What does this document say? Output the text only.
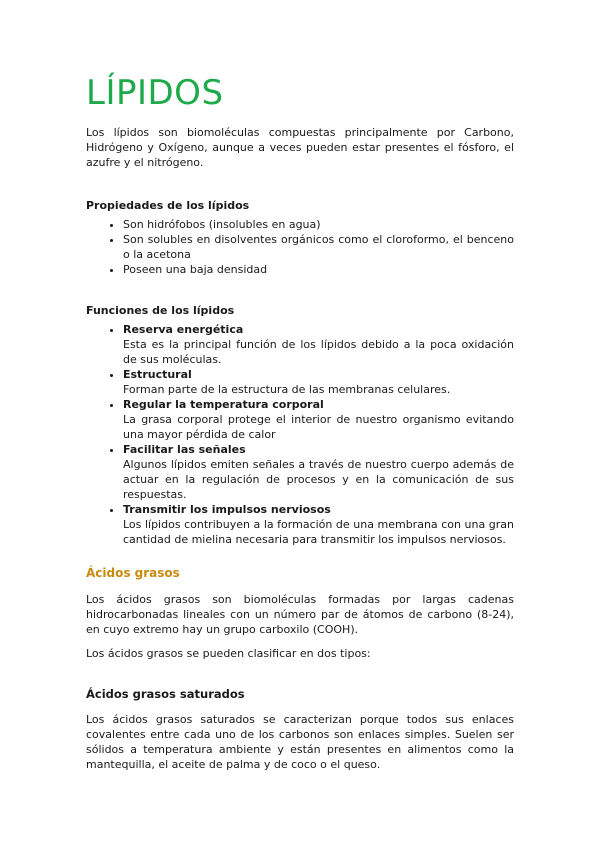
LÍPIDOS

Los lípidos son biomoléculas compuestas principalmente por Carbono, Hidrógeno y Oxígeno, aunque a veces pueden estar presentes el fósforo, el azufre y el nitrógeno.

Propiedades de los lípidos
• Son hidrófobos (insolubles en agua)
• Son solubles en disolventes orgánicos como el cloroformo, el benceno o la acetona
• Poseen una baja densidad
Funciones de los lípidos
• Reserva energética
Esta es la principal función de los lípidos debido a la poca oxidación de sus moléculas.
• Estructural
Forman parte de la estructura de las membranas celulares.
• Regular la temperatura corporal
La grasa corporal protege el interior de nuestro organismo evitando una mayor pérdida de calor
• Facilitar las señales
Algunos lípidos emiten señales a través de nuestro cuerpo además de actuar en la regulación de procesos y en la comunicación de sus respuestas.
• Transmitir los impulsos nerviosos
Los lípidos contribuyen a la formación de una membrana con una gran cantidad de mielina necesaria para transmitir los impulsos nerviosos.
Ácidos grasos

Los ácidos grasos son biomoléculas formadas por largas cadenas hidrocarbonadas lineales con un número par de átomos de carbono (8-24), en cuyo extremo hay un grupo carboxilo (COOH).

Los ácidos grasos se pueden clasificar en dos tipos:

Ácidos grasos saturados

Los ácidos grasos saturados se caracterizan porque todos sus enlaces covalentes entre cada uno de los carbonos son enlaces simples. Suelen ser sólidos a temperatura ambiente y están presentes en alimentos como la mantequilla, el aceite de palma y de coco o el queso.
